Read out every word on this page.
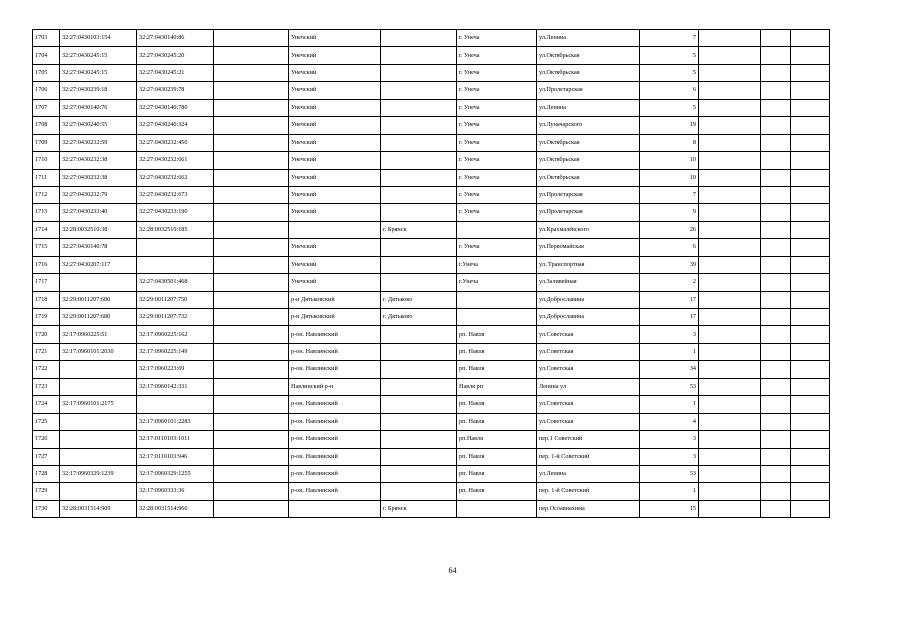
1703	32:27:0430103:154	32:27:0430140:86		Унечский		г. Унеча	ул.Ленина	7			
1704	32:27:0430245:15	32:27:0430245:20		Унечский		г. Унеча	ул.Октябрьская	5			
1705	32:27:0430245:15	32:27:0430245:21		Унечский		г. Унеча	ул.Октябрьская	5			
1706	32:27:0430239:18	32:27:0430239:78		Унечский		г. Унеча	ул.Пролетарская	6			
1707	32:27:0430140:76	32:27:0430140:780		Унечский		г. Унеча	ул.Ленина	5			
1708	32:27:0430240:55	32:27:0430240:324		Унечский		г. Унеча	ул.Луначарского	19			
1709	32:27:0430232:59	32:27:0430232:450		Унечский		г. Унеча	ул.Октябрьская	8			
1710	32:27:0430232:38	32:27:0430232:661		Унечский		г. Унеча	ул.Октябрьская	10			
1711	32:27:0430232:38	32:27:0430232:662		Унечский		г. Унеча	ул.Октябрьская	10			
1712	32:27:0430232:79	32:27:0430232:673		Унечский		г. Унеча	ул.Пролетарская	7			
1713	32:27:0430233:40	32:27:0430233:190		Унечский		г. Унеча	ул.Пролетарская	9			
1714	32:28:0032510:38	32:28:0032510:185			г. Брянск		ул.Крахмалёвского	26			
1715	32:27:0430140:78			Унечский		г. Унеча	ул.Первомайская	6			
1716	32:27:0430207:117			Унечский		г.Унеча	ул. Транспортная	39			
1717		32:27:0430501:468		Унечский		г.Унеча	ул.Заливейная	2			
1718	32:29:0011207:680	32:29:0011207:750		р-н Дятьковский	г. Дятьково		ул.Доброславина	17			
1719	32:29:0011207:680	32:29:0011207:732		р-н Дятьковский	г. Дятьково		ул.Доброславина	17			
1720	32:17:0960225:51	32:17:0960225:162		р-он. Навлинский		рп. Навля	ул.Советская	3			
1721	32:17:0960101:2030	32:17:0960225:149		р-он. Навлинский		рп. Навля	ул.Советская	1			
1722		32:17:0960223:69		р-он. Навлинский		рп. Навля	ул.Советская	34			
1723		32:17:0960142:331		Навлинский р-н		Навля рп	Ленина ул	53			
1724	32:17:0960101:2175			р-он. Навлинский		рп. Навля	ул.Советская	1			
1725		32:17:0960101:2283		р-он. Навлинский		рп. Навля	ул.Советская	4			
1726		32:17:0110103:1011		р-он. Навлинский		рп.Навля	пер.1 Советский	3			
1727		32:17:0110103:946		р-он. Навлинский		рп. Навля	пер. 1-й Советский	3			
1728	32:17:0960329:1239	32:17:0960329:1255		р-он. Навлинский		рп. Навля	ул.Ленина	53			
1729		32:17:0960333:36		р-он. Навлинский		рп. Навля	пер. 1-й Советский	1			
1730	32:28:0031514:909	32:28:0031514:966			г. Брянск		пер.Осоавиахима	15			
64
